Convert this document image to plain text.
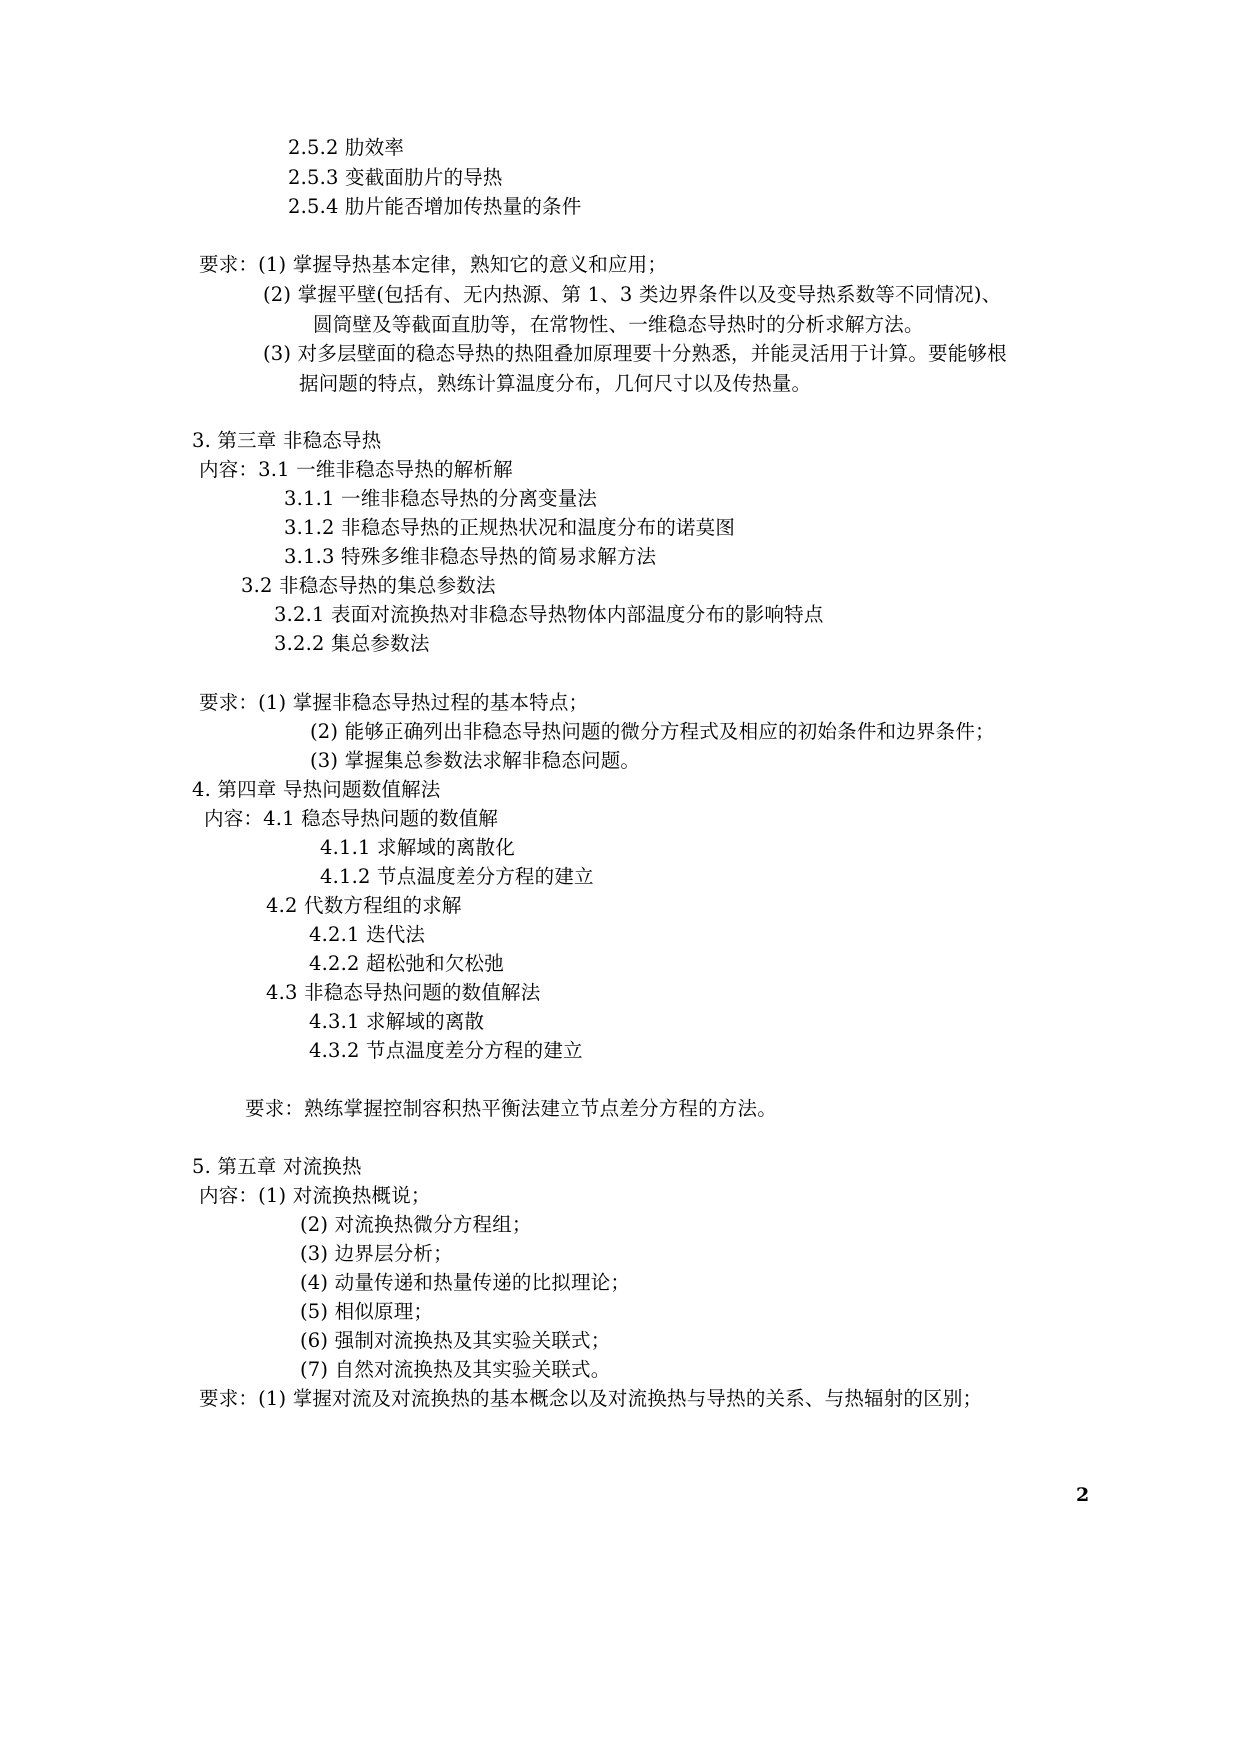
2.5.2 肋效率
2.5.3 变截面肋片的导热
2.5.4 肋片能否增加传热量的条件
要求：(1) 掌握导热基本定律，熟知它的意义和应用；
(2) 掌握平壁(包括有、无内热源、第 1、3 类边界条件以及变导热系数等不同情况)、
圆筒壁及等截面直肋等，在常物性、一维稳态导热时的分析求解方法。
(3) 对多层壁面的稳态导热的热阻叠加原理要十分熟悉，并能灵活用于计算。要能够根
据问题的特点，熟练计算温度分布，几何尺寸以及传热量。
3. 第三章 非稳态导热
内容：3.1 一维非稳态导热的解析解
3.1.1 一维非稳态导热的分离变量法
3.1.2 非稳态导热的正规热状况和温度分布的诺莫图
3.1.3 特殊多维非稳态导热的简易求解方法
3.2 非稳态导热的集总参数法
3.2.1 表面对流换热对非稳态导热物体内部温度分布的影响特点
3.2.2 集总参数法
要求：(1) 掌握非稳态导热过程的基本特点；
(2) 能够正确列出非稳态导热问题的微分方程式及相应的初始条件和边界条件；
(3) 掌握集总参数法求解非稳态问题。
4. 第四章 导热问题数值解法
内容：4.1 稳态导热问题的数值解
4.1.1 求解域的离散化
4.1.2 节点温度差分方程的建立
4.2 代数方程组的求解
4.2.1 迭代法
4.2.2 超松弛和欠松弛
4.3 非稳态导热问题的数值解法
4.3.1 求解域的离散
4.3.2 节点温度差分方程的建立
要求：熟练掌握控制容积热平衡法建立节点差分方程的方法。
5. 第五章 对流换热
内容：(1) 对流换热概说；
(2) 对流换热微分方程组；
(3) 边界层分析；
(4) 动量传递和热量传递的比拟理论；
(5) 相似原理；
(6) 强制对流换热及其实验关联式；
(7) 自然对流换热及其实验关联式。
要求：(1) 掌握对流及对流换热的基本概念以及对流换热与导热的关系、与热辐射的区别；
2
